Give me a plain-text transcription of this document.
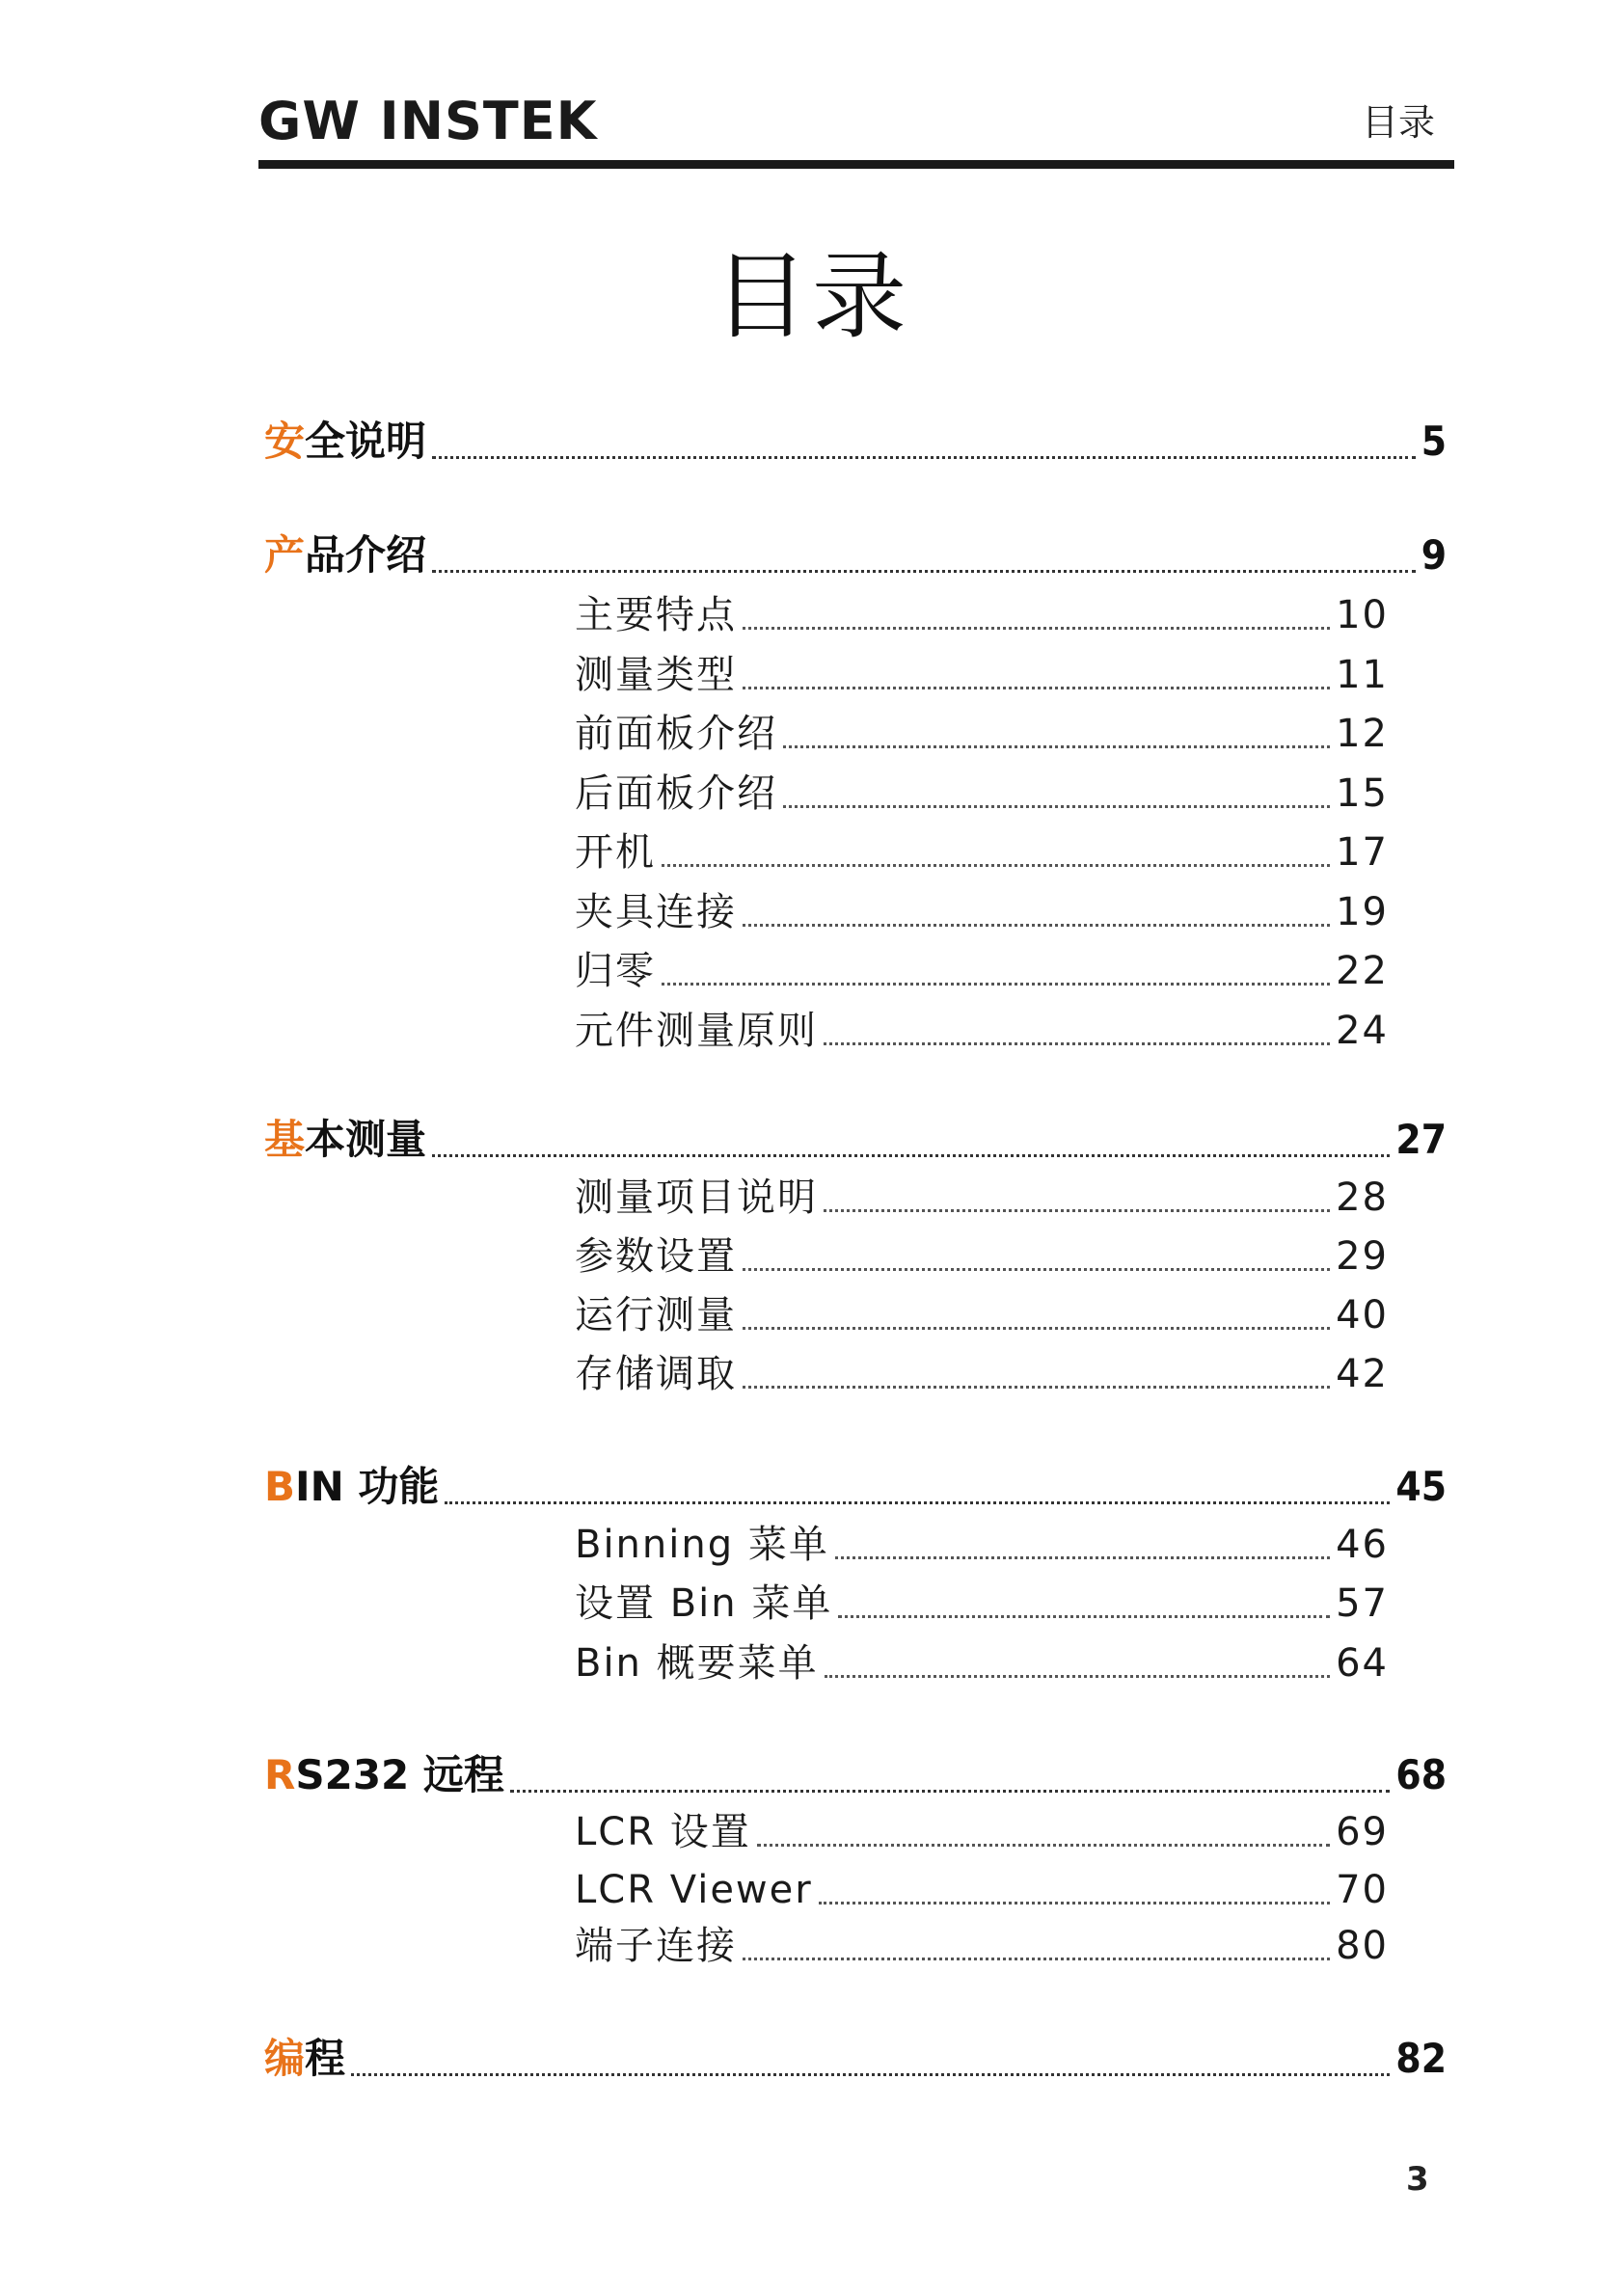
GW INSTEK	目录
目录
安全说明	5
产品介绍	9
主要特点	10
测量类型	11
前面板介绍	12
后面板介绍	15
开机	17
夹具连接	19
归零	22
元件测量原则	24
基本测量	27
测量项目说明	28
参数设置	29
运行测量	40
存储调取	42
BIN 功能	45
Binning 菜单	46
设置 Bin 菜单	57
Bin 概要菜单	64
RS232 远程	68
LCR 设置	69
LCR Viewer	70
端子连接	80
编程	82
3
